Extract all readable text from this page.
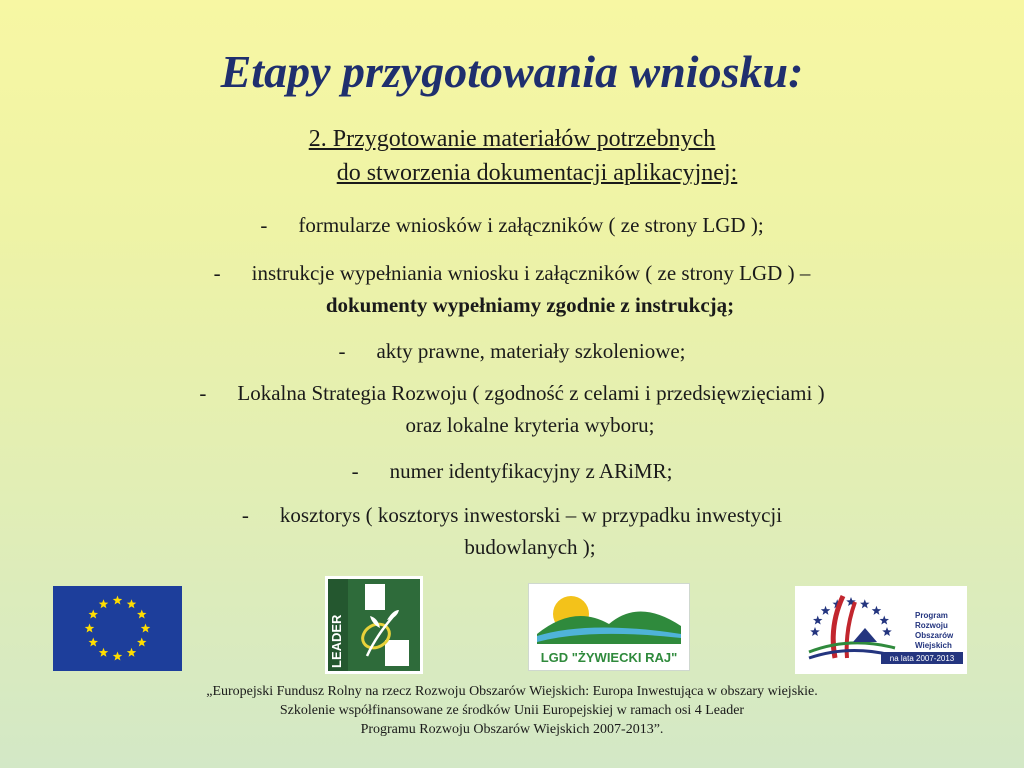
Etapy przygotowania wniosku:
2. Przygotowanie materiałów potrzebnych
do stworzenia dokumentacji aplikacyjnej:
- formularze wniosków i załączników ( ze strony LGD );
- instrukcje wypełniania wniosku i załączników ( ze strony LGD ) –
dokumenty wypełniamy zgodnie z instrukcją;
- akty prawne, materiały szkoleniowe;
- Lokalna Strategia Rozwoju ( zgodność z celami i przedsięwzięciami )
oraz lokalne kryteria wyboru;
- numer identyfikacyjny z ARiMR;
- kosztorys ( kosztorys inwestorski – w przypadku inwestycji
budowlanych );
LEADER	LGD "ŻYWIECKI RAJ"
Program Rozwoju Obszarów Wiejskich
na lata 2007-2013
„Europejski Fundusz Rolny na rzecz Rozwoju Obszarów Wiejskich: Europa Inwestująca w obszary wiejskie.
Szkolenie współfinansowane ze środków Unii Europejskiej w ramach osi 4 Leader
Programu Rozwoju Obszarów Wiejskich 2007-2013”.
